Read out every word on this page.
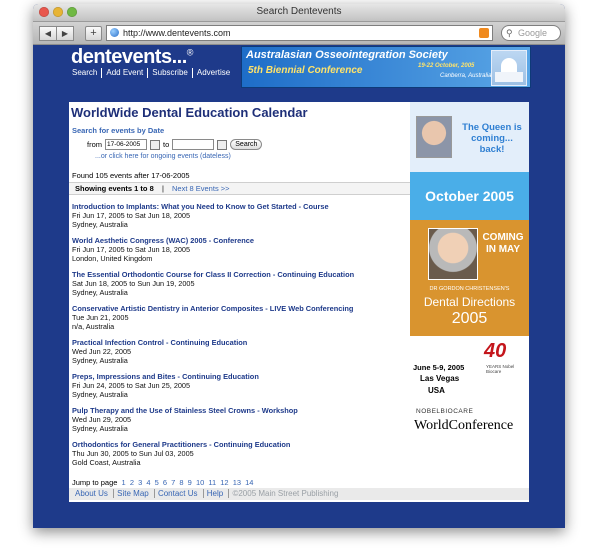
Search Dentevents
◀	▶	+	http://www.dentevents.com	⚲ Google
dentevents...®
Search	Add Event	Subscribe	Advertise
Australasian Osseointegration Society
5th Biennial Conference	19-22 October, 2005
Canberra, Australia
WorldWide Dental Education Calendar
Search for events by Date
from 17-06-2005	to	Search
...or click here for ongoing events (dateless)
Found 105 events after 17-06-2005
Showing events 1 to 8 | Next 8 Events >>
Introduction to Implants: What you Need to Know to Get Started - Course
Fri Jun 17, 2005 to Sat Jun 18, 2005
Sydney, Australia
World Aesthetic Congress (WAC) 2005 - Conference
Fri Jun 17, 2005 to Sat Jun 18, 2005
London, United Kingdom
The Essential Orthodontic Course for Class II Correction - Continuing Education
Sat Jun 18, 2005 to Sun Jun 19, 2005
Sydney, Australia
Conservative Artistic Dentistry in Anterior Composites - LIVE Web Conferencing
Tue Jun 21, 2005
n/a, Australia
Practical Infection Control - Continuing Education
Wed Jun 22, 2005
Sydney, Australia
Preps, Impressions and Bites - Continuing Education
Fri Jun 24, 2005 to Sat Jun 25, 2005
Sydney, Australia
Pulp Therapy and the Use of Stainless Steel Crowns - Workshop
Wed Jun 29, 2005
Sydney, Australia
Orthodontics for General Practitioners - Continuing Education
Thu Jun 30, 2005 to Sun Jul 03, 2005
Gold Coast, Australia
Jump to page 1 2 3 4 5 6 7 8 9 10 11 12 13 14
The Queen is coming... back!
October 2005
COMING IN MAY
DR GORDON CHRISTENSEN'S
Dental Directions
2005
40
YEARS Nobel Biocare
June 5-9, 2005
Las Vegas
USA
NOBELBIOCARE
WorldConference
About Us Site Map Contact Us Help ©2005 Main Street Publishing
